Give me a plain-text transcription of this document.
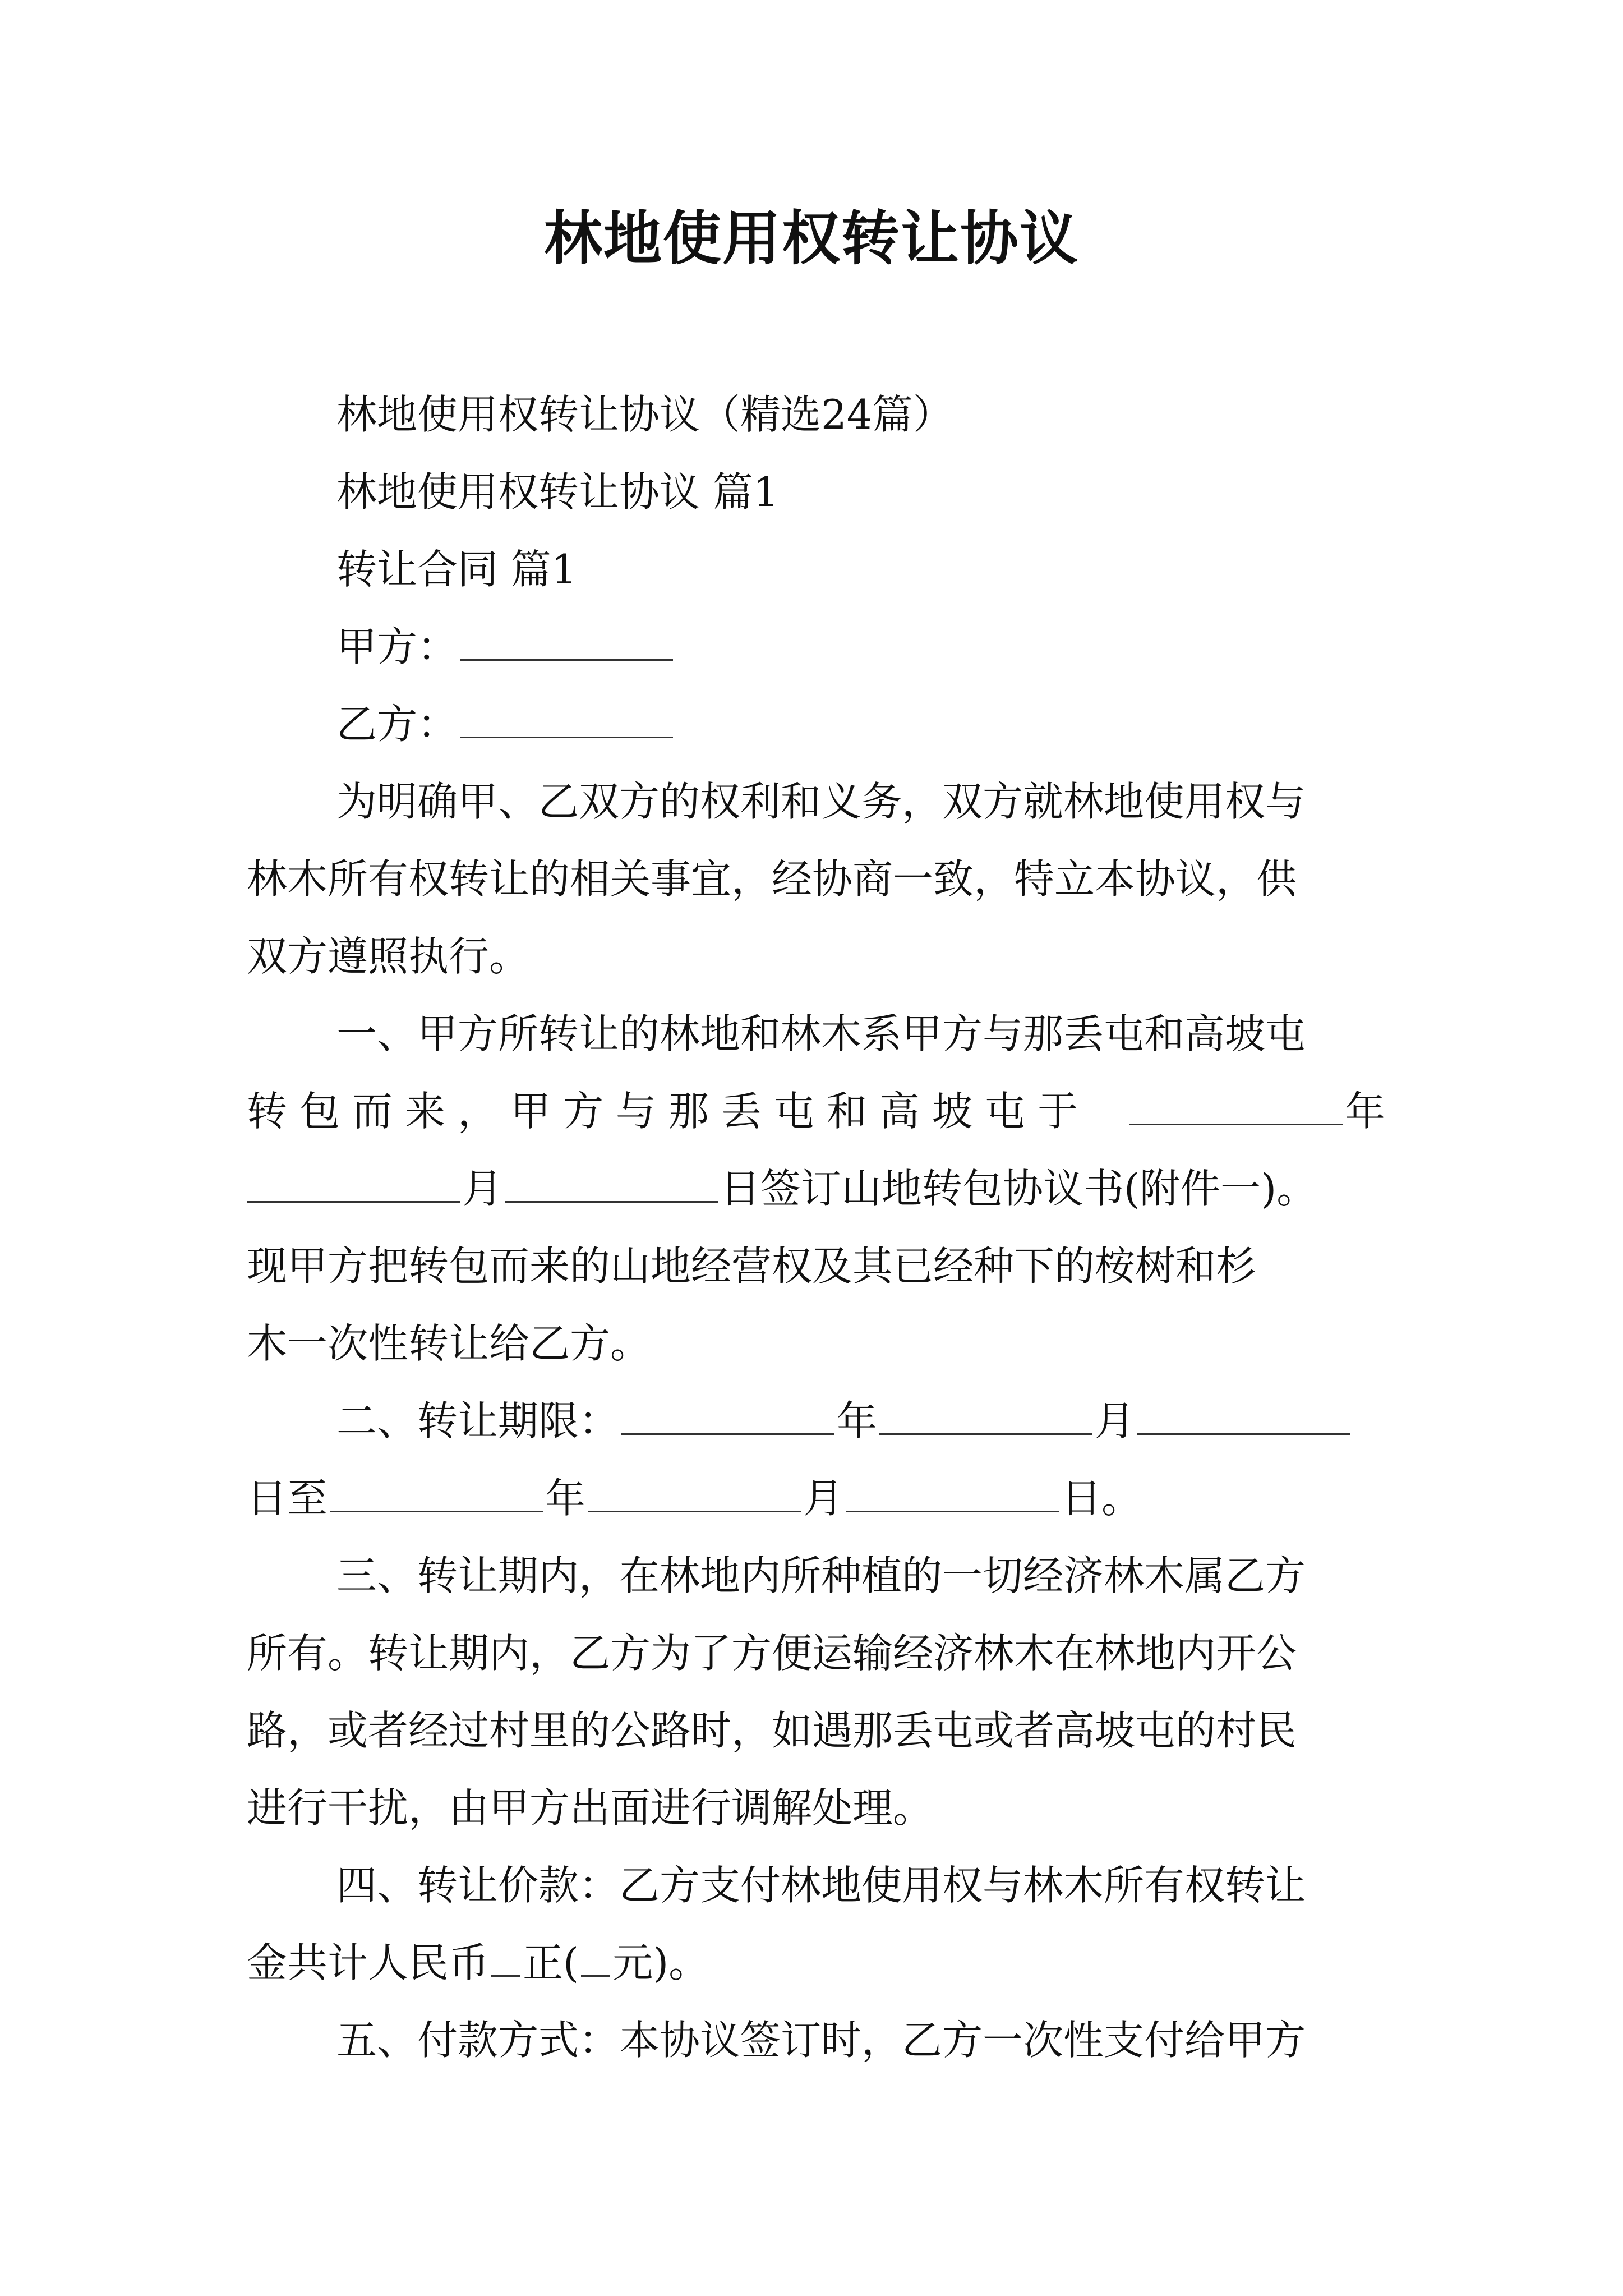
林地使用权转让协议
林地使用权转让协议（精选24篇）
林地使用权转让协议 篇1
转让合同 篇1
甲方：
乙方：
为明确甲、乙双方的权利和义务，双方就林地使用权与
林木所有权转让的相关事宜，经协商一致，特立本协议，供
双方遵照执行。
一、甲方所转让的林地和林木系甲方与那丢屯和高坡屯
转包而来，甲方与那丢屯和高坡屯于	年
月	日签订山地转包协议书(附件一)。
现甲方把转包而来的山地经营权及其已经种下的桉树和杉
木一次性转让给乙方。
二、转让期限：	年	月
日至	年	月	日。
三、转让期内，在林地内所种植的一切经济林木属乙方
所有。转让期内，乙方为了方便运输经济林木在林地内开公
路，或者经过村里的公路时，如遇那丢屯或者高坡屯的村民
进行干扰，由甲方出面进行调解处理。
四、转让价款：乙方支付林地使用权与林木所有权转让
金共计人民币 正( 元)。
五、付款方式：本协议签订时，乙方一次性支付给甲方
